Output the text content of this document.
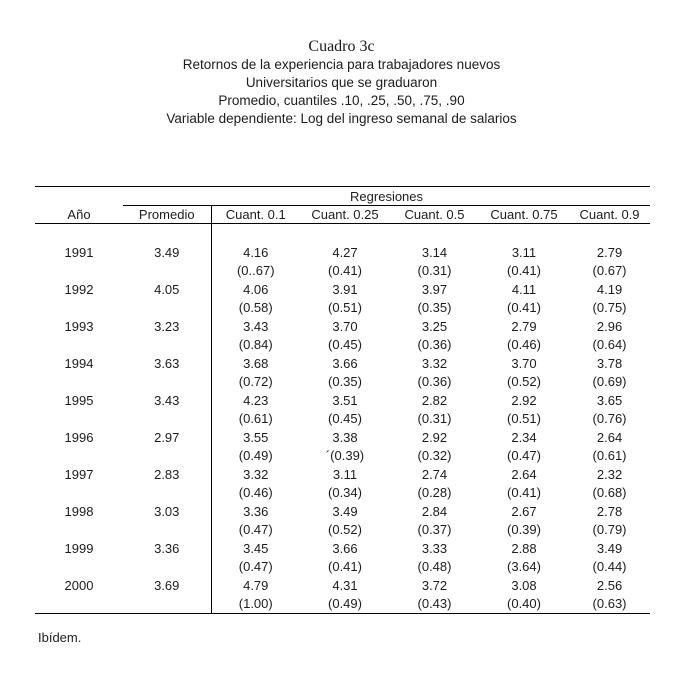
Cuadro 3c
Retornos de la experiencia para trabajadores nuevos
Universitarios que se graduaron
Promedio, cuantiles .10, .25, .50, .75, .90
Variable dependiente: Log del ingreso semanal de salarios
	Regresiones					
Año	Promedio	Cuant. 0.1	Cuant. 0.25	Cuant. 0.5	Cuant. 0.75	Cuant. 0.9

1991	3.49	4.16	4.27	3.14	3.11	2.79
		(0..67)	(0.41)	(0.31)	(0.41)	(0.67)
1992	4.05	4.06	3.91	3.97	4.11	4.19
		(0.58)	(0.51)	(0.35)	(0.41)	(0.75)
1993	3.23	3.43	3.70	3.25	2.79	2.96
		(0.84)	(0.45)	(0.36)	(0.46)	(0.64)
1994	3.63	3.68	3.66	3.32	3.70	3.78
		(0.72)	(0.35)	(0.36)	(0.52)	(0.69)
1995	3.43	4.23	3.51	2.82	2.92	3.65
		(0.61)	(0.45)	(0.31)	(0.51)	(0.76)
1996	2.97	3.55	3.38	2.92	2.34	2.64
		(0.49)	´(0.39)	(0.32)	(0.47)	(0.61)
1997	2.83	3.32	3.11	2.74	2.64	2.32
		(0.46)	(0.34)	(0.28)	(0.41)	(0.68)
1998	3.03	3.36	3.49	2.84	2.67	2.78
		(0.47)	(0.52)	(0.37)	(0.39)	(0.79)
1999	3.36	3.45	3.66	3.33	2.88	3.49
		(0.47)	(0.41)	(0.48)	(3.64)	(0.44)
2000	3.69	4.79	4.31	3.72	3.08	2.56
		(1.00)	(0.49)	(0.43)	(0.40)	(0.63)
Ibídem.
